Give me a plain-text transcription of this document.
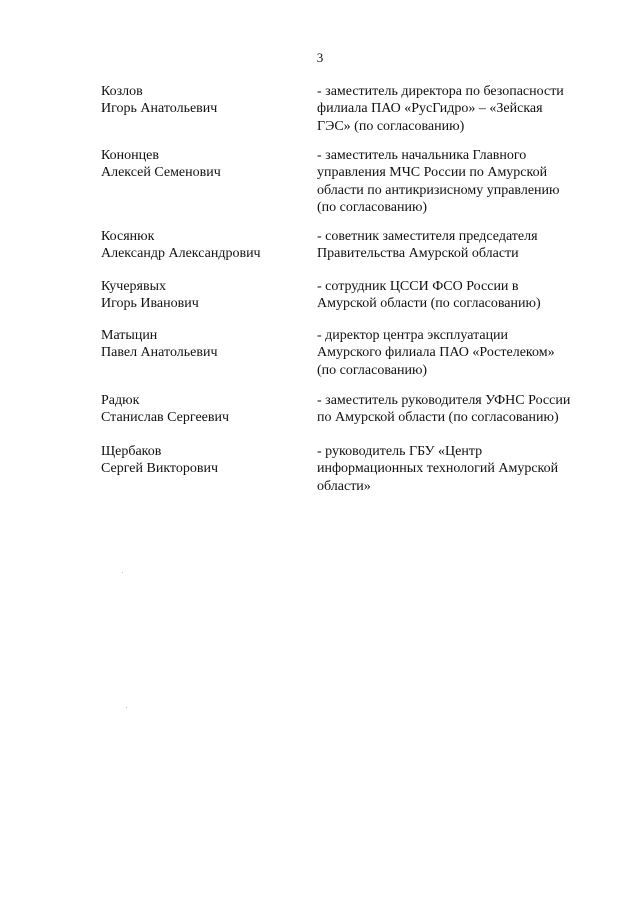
3
Козлов
Игорь Анатольевич
- заместитель директора по безопасности
филиала ПАО «РусГидро» – «Зейская
ГЭС» (по согласованию)
Кононцев
Алексей Семенович
- заместитель начальника Главного
управления МЧС России по Амурской
области по антикризисному управлению
(по согласованию)
Косянюк
Александр Александрович
- советник заместителя председателя
Правительства Амурской области
Кучерявых
Игорь Иванович
- сотрудник ЦССИ ФСО России в
Амурской области (по согласованию)
Матыцин
Павел Анатольевич
- директор центра эксплуатации
Амурского филиала ПАО «Ростелеком»
(по согласованию)
Радюк
Станислав Сергеевич
- заместитель руководителя УФНС России
по Амурской области (по согласованию)
Щербаков
Сергей Викторович
- руководитель ГБУ «Центр
информационных технологий Амурской
области»
